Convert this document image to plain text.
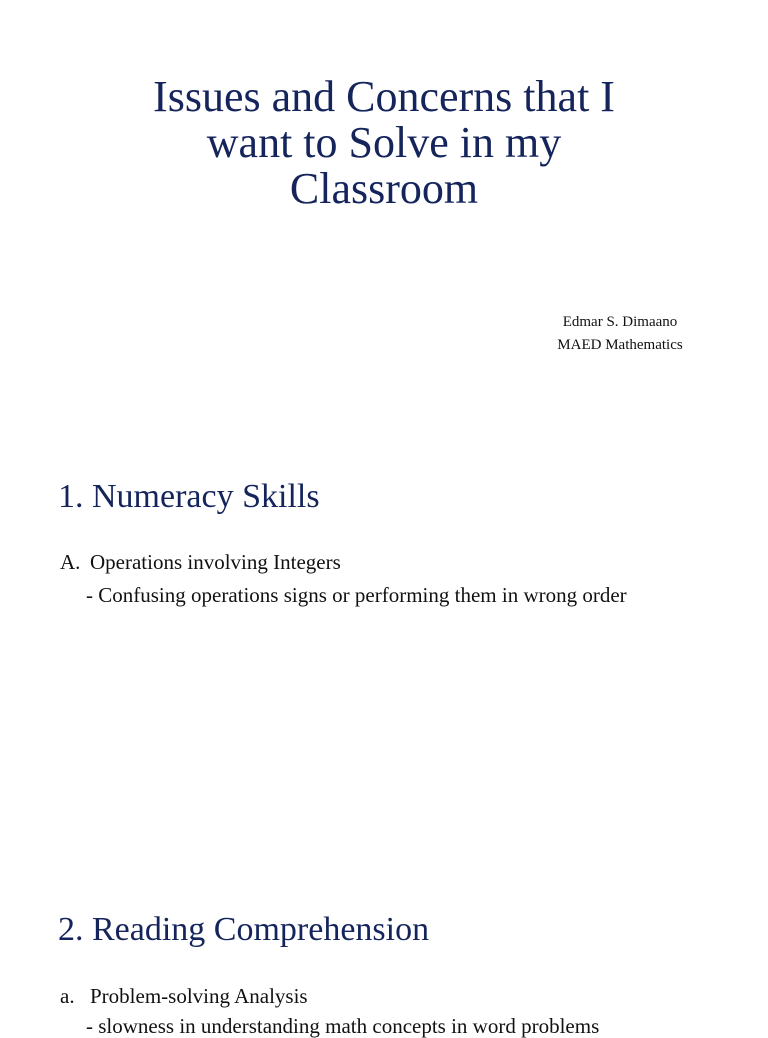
Issues and Concerns that I
want to Solve in my
Classroom
Edmar S. Dimaano
MAED Mathematics
1. Numeracy Skills
A. Operations involving Integers
- Confusing operations signs or performing them in wrong order
2. Reading Comprehension
a. Problem-solving Analysis
- slowness in understanding math concepts in word problems
